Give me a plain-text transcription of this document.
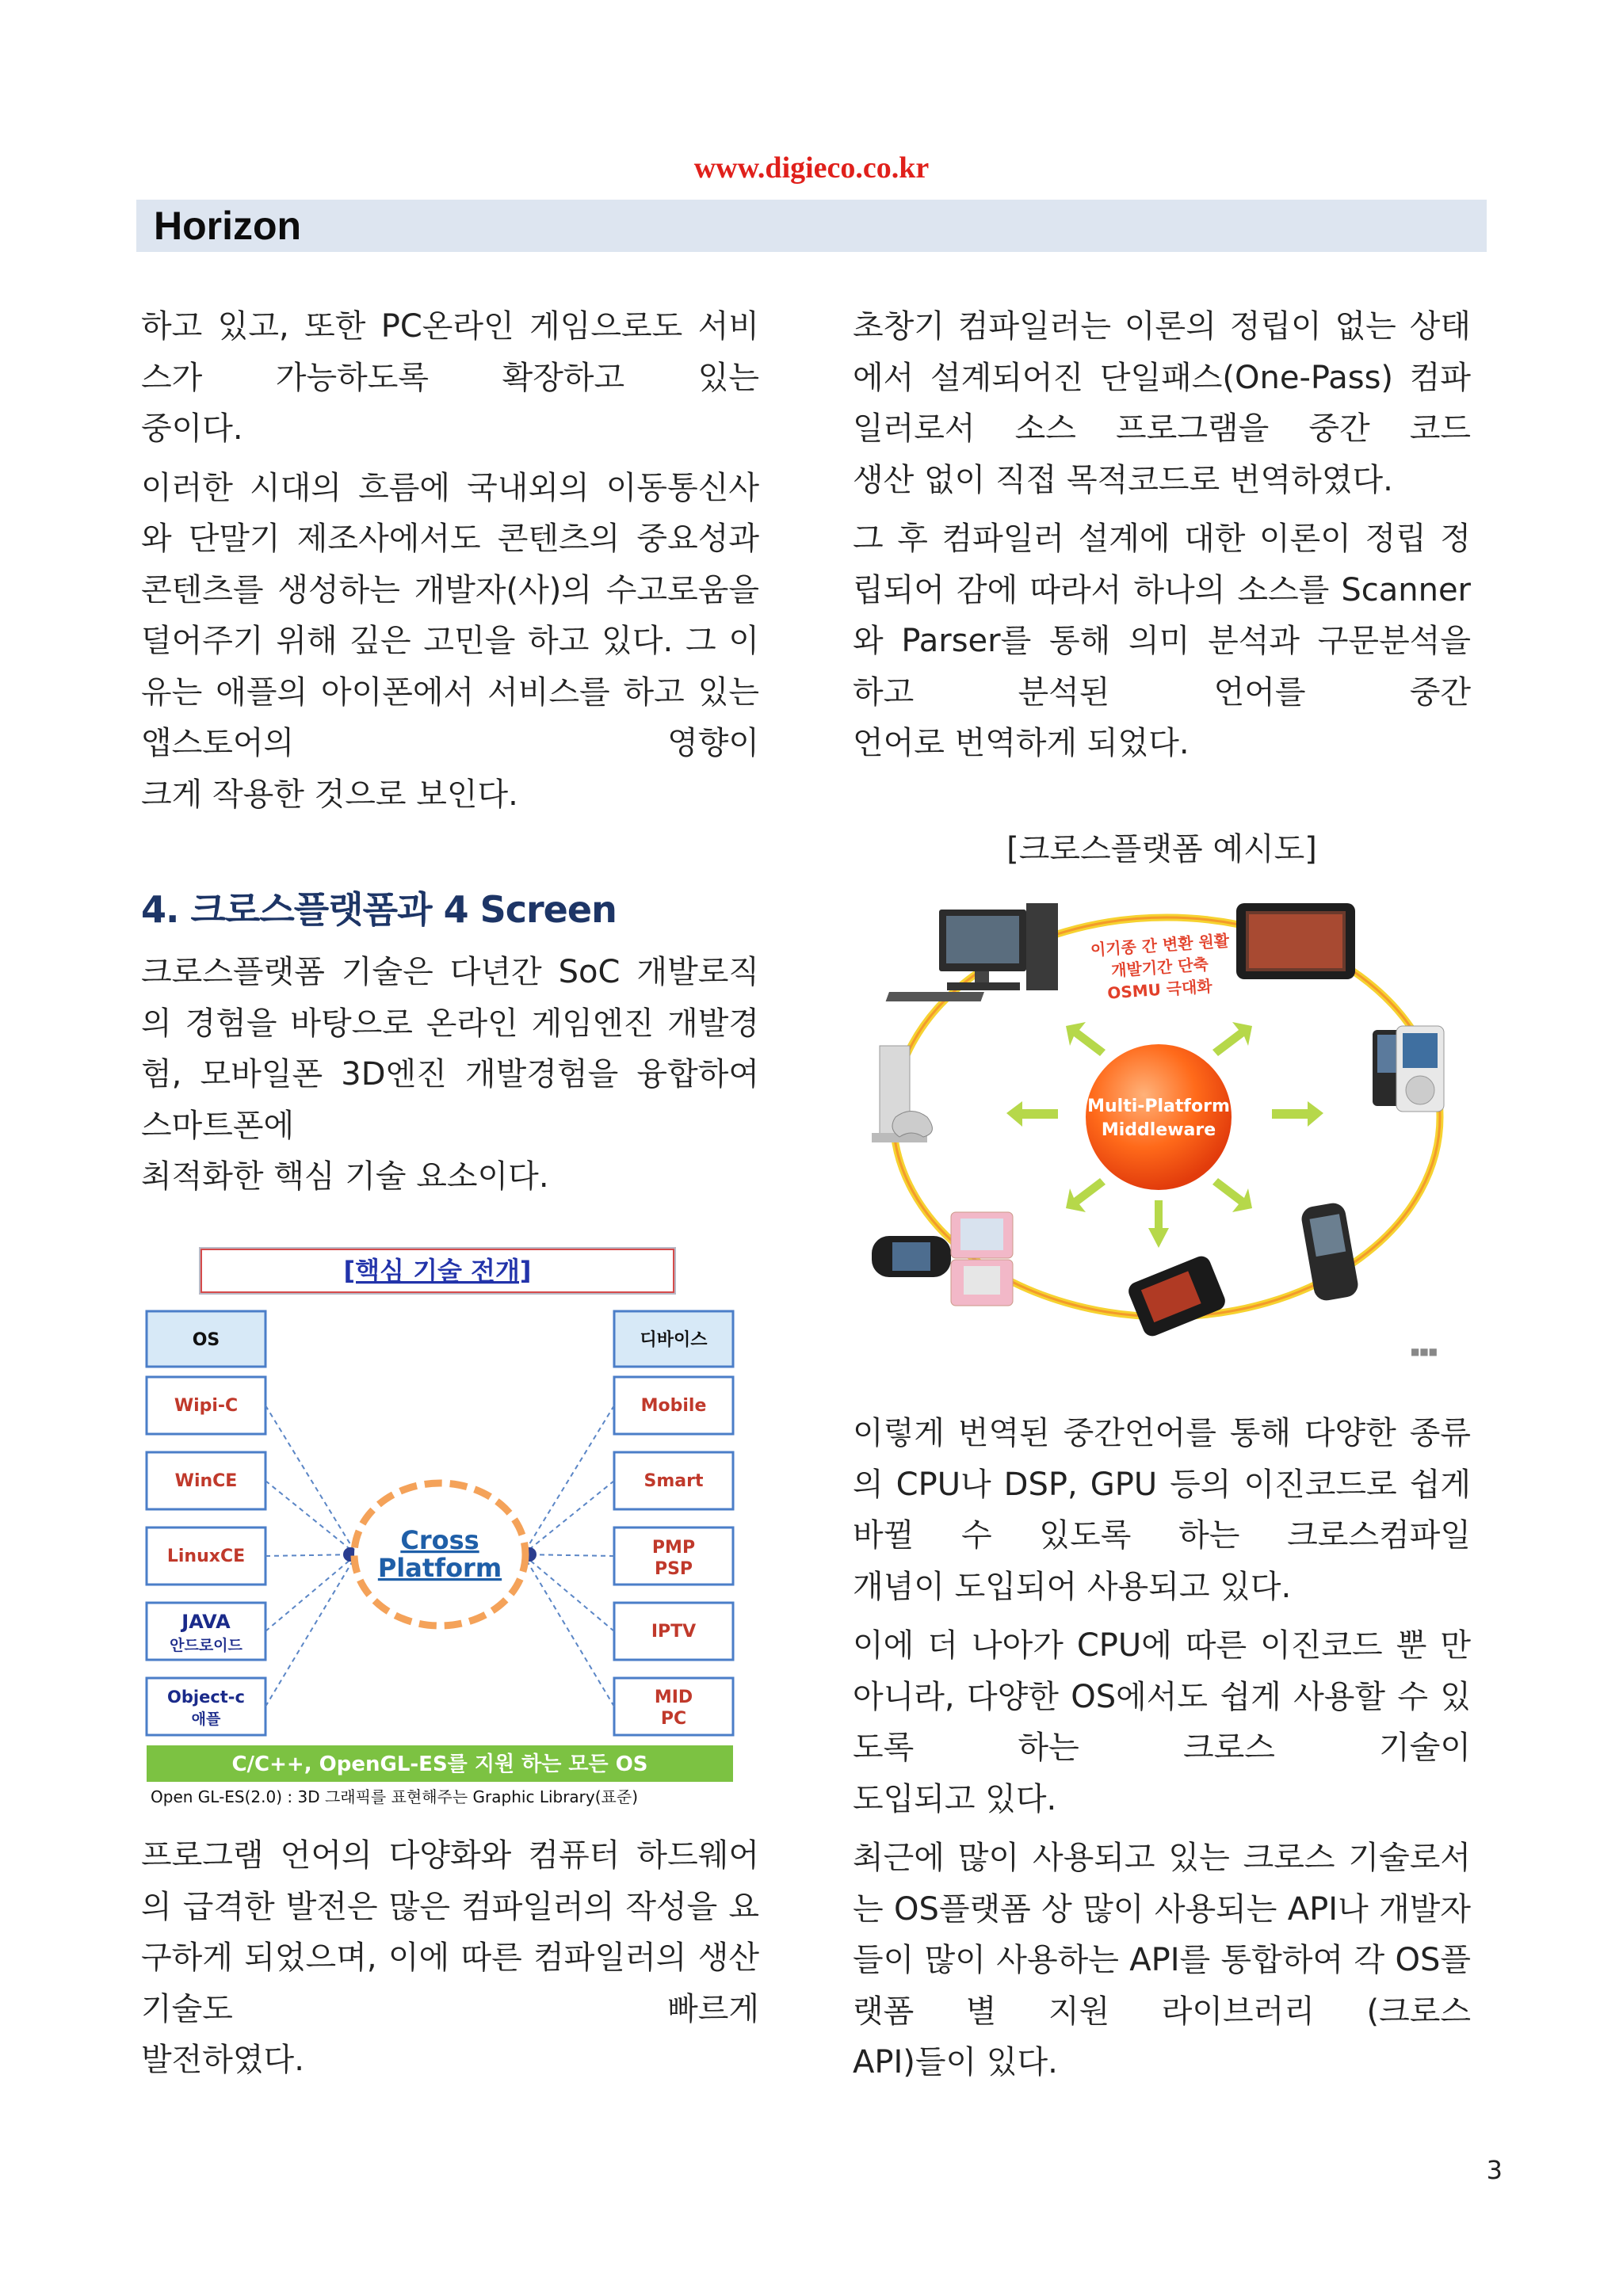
www.digieco.co.kr
Horizon

하고 있고, 또한 PC온라인 게임으로도 서비스가 가능하도록 확장하고 있는
중이다.

이러한 시대의 흐름에 국내외의 이동통신사와 단말기 제조사에서도 콘텐츠의 중요성과 콘텐츠를 생성하는 개발자(사)의 수고로움을 덜어주기 위해 깊은 고민을 하고 있다. 그 이유는 애플의 아이폰에서 서비스를 하고 있는 앱스토어의 영향이
크게 작용한 것으로 보인다.

4. 크로스플랫폼과 4 Screen

크로스플랫폼 기술은 다년간 SoC 개발로직의 경험을 바탕으로 온라인 게임엔진 개발경험, 모바일폰 3D엔진 개발경험을 융합하여 스마트폰에
최적화한 핵심 기술 요소이다.

[핵심 기술 전개]
OS	디바이스
Wipi-C
WinCE
LinuxCE
JAVA
안드로이드
Object-c
애플
Mobile
Smart
PMP
PSP
IPTV
MID
PC
Cross
Platform
C/C++, OpenGL-ES를 지원 하는 모든 OS
Open GL-ES(2.0) : 3D 그래픽를 표현해주는 Graphic Library(표준)

프로그램 언어의 다양화와 컴퓨터 하드웨어의 급격한 발전은 많은 컴파일러의 작성을 요구하게 되었으며, 이에 따른 컴파일러의 생산기술도 빠르게
발전하였다.

초창기 컴파일러는 이론의 정립이 없는 상태에서 설계되어진 단일패스(One-Pass) 컴파일러로서 소스 프로그램을 중간 코드
생산 없이 직접 목적코드로 번역하였다.

그 후 컴파일러 설계에 대한 이론이 정립 정립되어 감에 따라서 하나의 소스를 Scanner와 Parser를 통해 의미 분석과 구문분석을 하고 분석된 언어를 중간
언어로 번역하게 되었다.

[크로스플랫폼 예시도]
Multi-Platform
Middleware
이기종 간 변환 원활
개발기간 단축
OSMU 극대화
■■■

이렇게 번역된 중간언어를 통해 다양한 종류의 CPU나 DSP, GPU 등의 이진코드로 쉽게 바뀔 수 있도록 하는 크로스컴파일
개념이 도입되어 사용되고 있다.

이에 더 나아가 CPU에 따른 이진코드 뿐 만 아니라, 다양한 OS에서도 쉽게 사용할 수 있도록 하는 크로스 기술이
도입되고 있다.

최근에 많이 사용되고 있는 크로스 기술로서는 OS플랫폼 상 많이 사용되는 API나 개발자들이 많이 사용하는 API를 통합하여 각 OS플랫폼 별 지원 라이브러리 (크로스
API)들이 있다.

3
